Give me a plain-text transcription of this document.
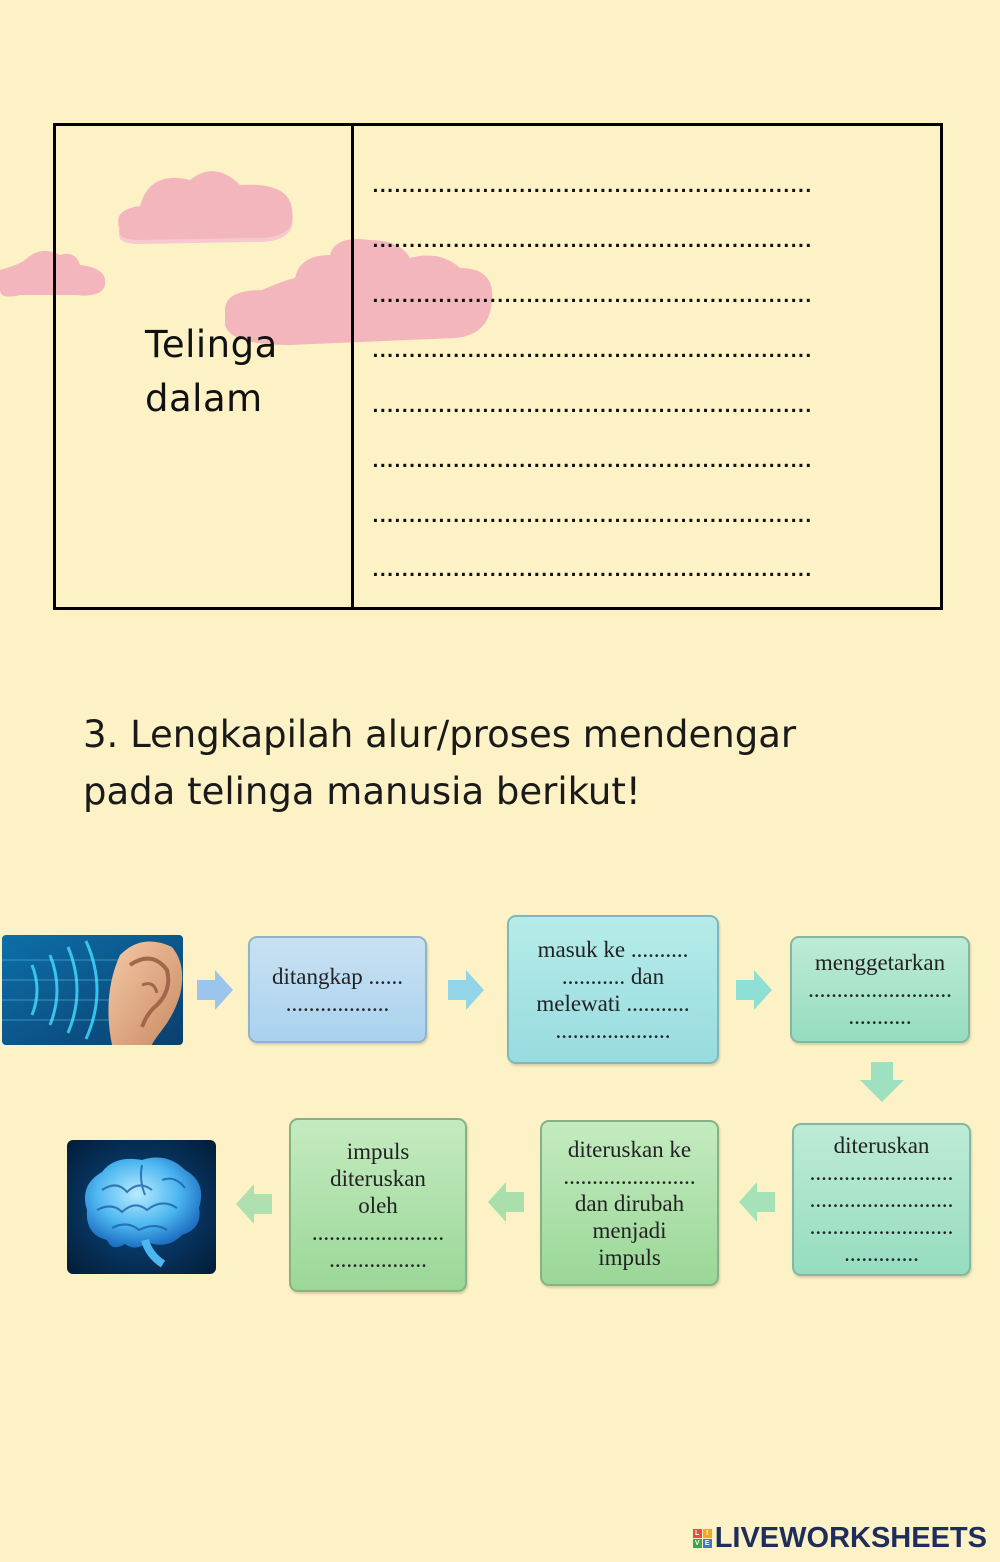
Telinga
dalam
............................................................
............................................................
............................................................
............................................................
............................................................
............................................................
............................................................
............................................................
3. Lengkapilah alur/proses mendengar
pada telinga manusia berikut!
ditangkap ......
..................
masuk ke ..........
........... dan
melewati ...........
....................
menggetarkan
.........................
...........
diteruskan
.........................
.........................
.........................
.............
diteruskan ke
.......................
dan dirubah
menjadi
impuls
impuls
diteruskan
oleh
.......................
.................
L I
V E LIVEWORKSHEETS
